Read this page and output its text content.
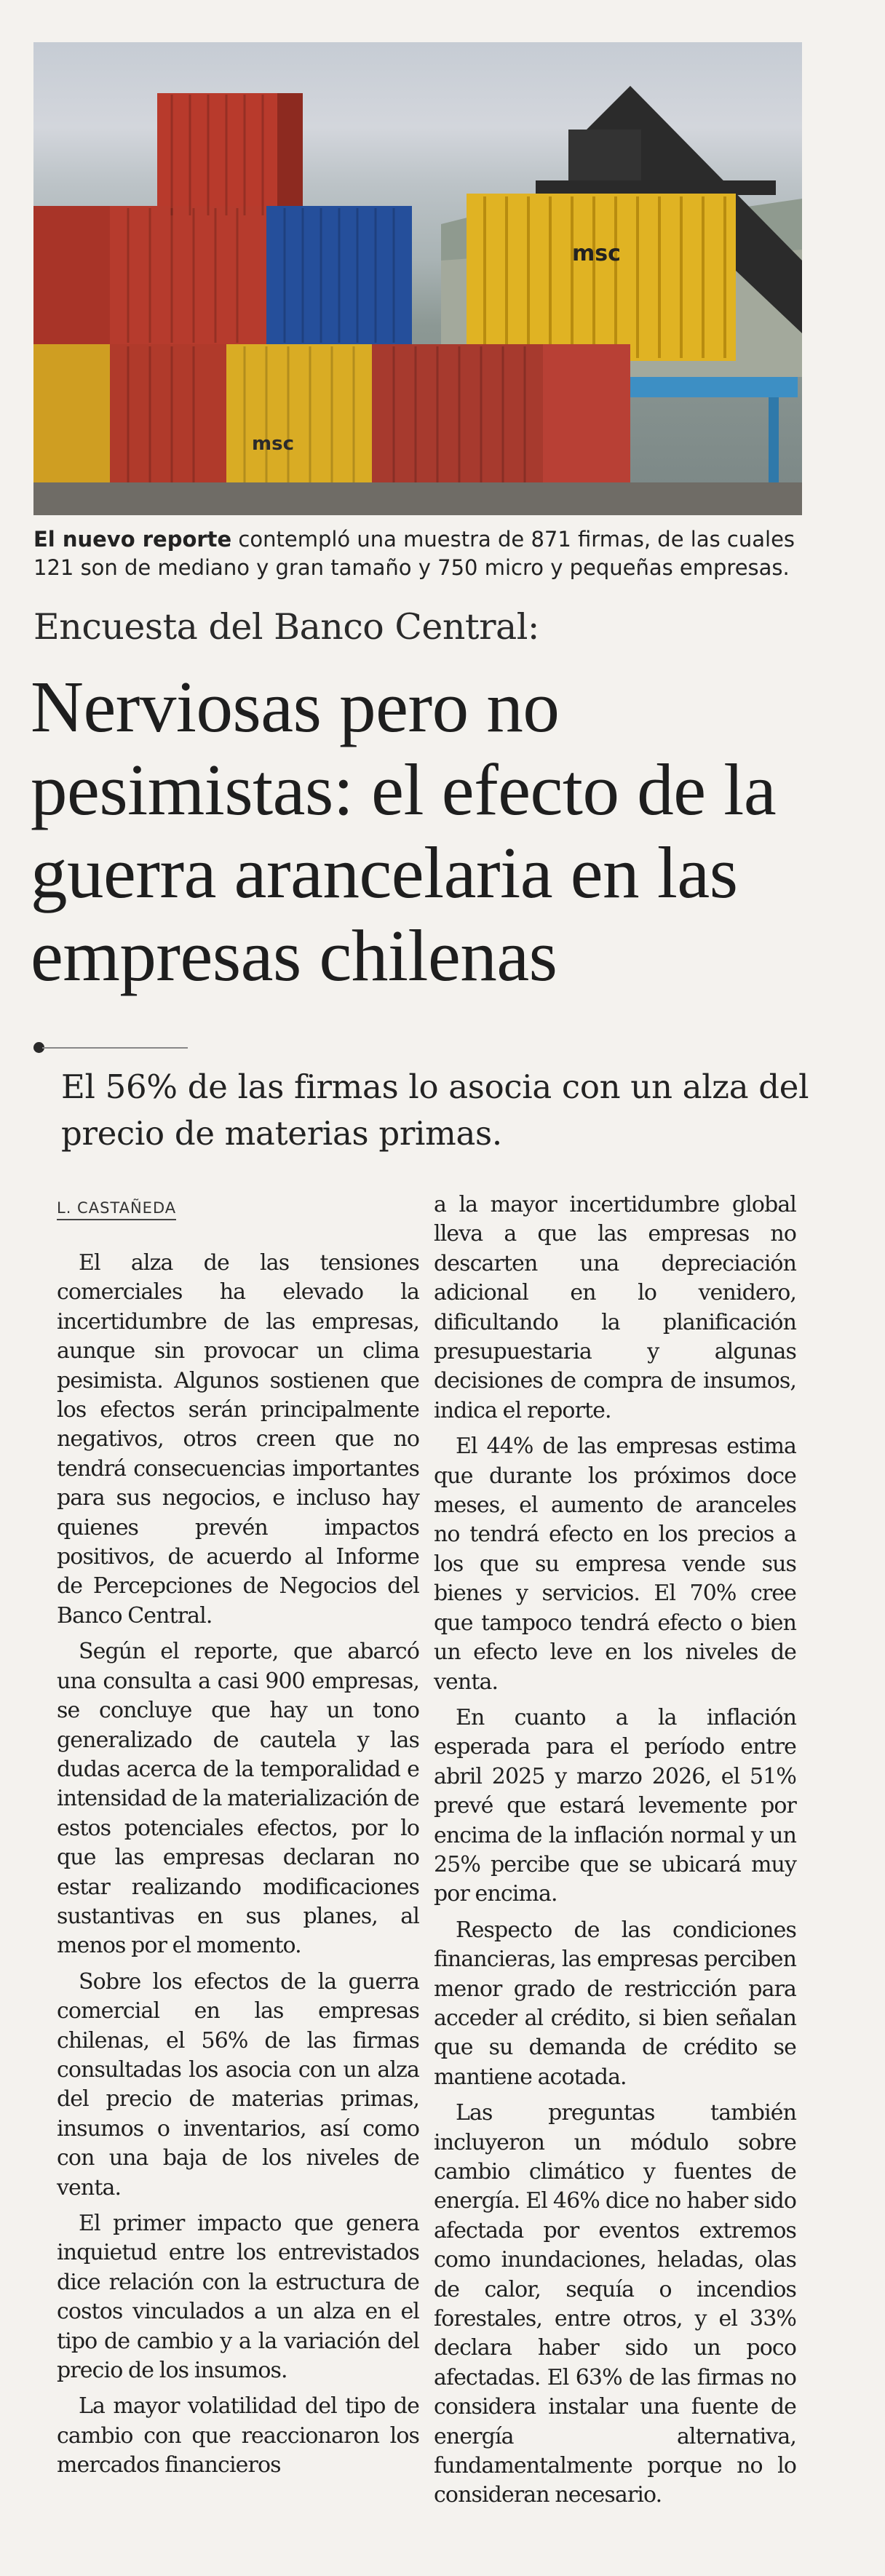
msc
msc
El nuevo reporte contempló una muestra de 871 firmas, de las cuales 121 son de mediano y gran tamaño y 750 micro y pequeñas empresas.
Encuesta del Banco Central:
Nerviosas pero no pesimistas: el efecto de la guerra arancelaria en las empresas chilenas
El 56% de las firmas lo asocia con un alza del precio de materias primas.
L. CASTAÑEDA

El alza de las tensiones comerciales ha elevado la incertidumbre de las empresas, aunque sin provocar un clima pesimista. Algunos sostienen que los efectos serán principalmente negativos, otros creen que no tendrá consecuencias importantes para sus negocios, e incluso hay quienes prevén impactos positivos, de acuerdo al Informe de Percepciones de Negocios del Banco Central.

Según el reporte, que abarcó una consulta a casi 900 empresas, se concluye que hay un tono generalizado de cautela y las dudas acerca de la temporalidad e intensidad de la materialización de estos potenciales efectos, por lo que las empresas declaran no estar realizando modificaciones sustantivas en sus planes, al menos por el momento.

Sobre los efectos de la guerra comercial en las empresas chilenas, el 56% de las firmas consultadas los asocia con un alza del precio de materias primas, insumos o inventarios, así como con una baja de los niveles de venta.

El primer impacto que genera inquietud entre los entrevistados dice relación con la estructura de costos vinculados a un alza en el tipo de cambio y a la variación del precio de los insumos.

La mayor volatilidad del tipo de cambio con que reaccionaron los mercados financieros

a la mayor incertidumbre global lleva a que las empresas no descarten una depreciación adicional en lo venidero, dificultando la planificación presupuestaria y algunas decisiones de compra de insumos, indica el reporte.

El 44% de las empresas estima que durante los próximos doce meses, el aumento de aranceles no tendrá efecto en los precios a los que su empresa vende sus bienes y servicios. El 70% cree que tampoco tendrá efecto o bien un efecto leve en los niveles de venta.

En cuanto a la inflación esperada para el período entre abril 2025 y marzo 2026, el 51% prevé que estará levemente por encima de la inflación normal y un 25% percibe que se ubicará muy por encima.

Respecto de las condiciones financieras, las empresas perciben menor grado de restricción para acceder al crédito, si bien señalan que su demanda de crédito se mantiene acotada.

Las preguntas también incluyeron un módulo sobre cambio climático y fuentes de energía. El 46% dice no haber sido afectada por eventos extremos como inundaciones, heladas, olas de calor, sequía o incendios forestales, entre otros, y el 33% declara haber sido un poco afectadas. El 63% de las firmas no considera instalar una fuente de energía alternativa, fundamentalmente porque no lo consideran necesario.
